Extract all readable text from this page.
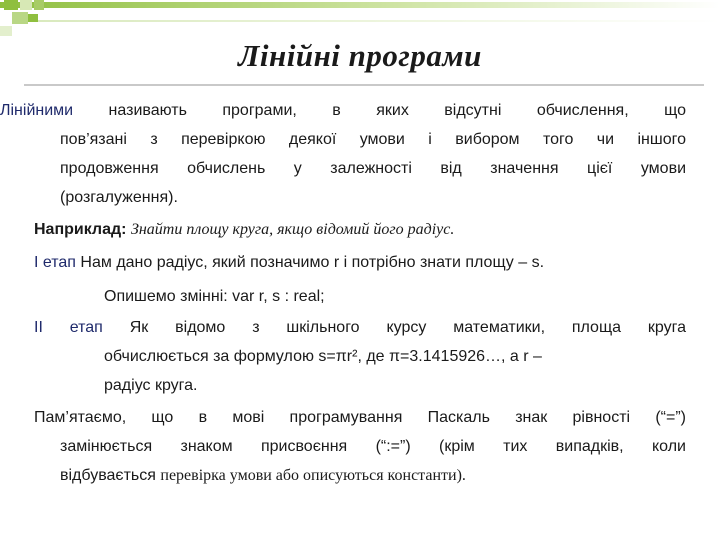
Лінійні програми
Лінійними називають програми, в яких відсутні обчислення, що
пов’язані з перевіркою деякої умови і вибором того чи іншого
продовження обчислень у залежності від значення цієї умови
(розгалуження).
Наприклад: Знайти площу круга, якщо відомий його радіус.
I етап Нам дано радіус, який позначимо r і потрібно знати площу – s.
Опишемо змінні: var r, s : real;
II етап Як відомо з шкільного курсу математики, площа круга
обчислюється за формулою s=πr², де π=3.1415926…, а r –
радіус круга.
Пам’ятаємо, що в мові програмування Паскаль знак рівності (“=”)
замінюється знаком присвоєння (“:=”) (крім тих випадків, коли
відбувається перевірка умови або описуються константи).
